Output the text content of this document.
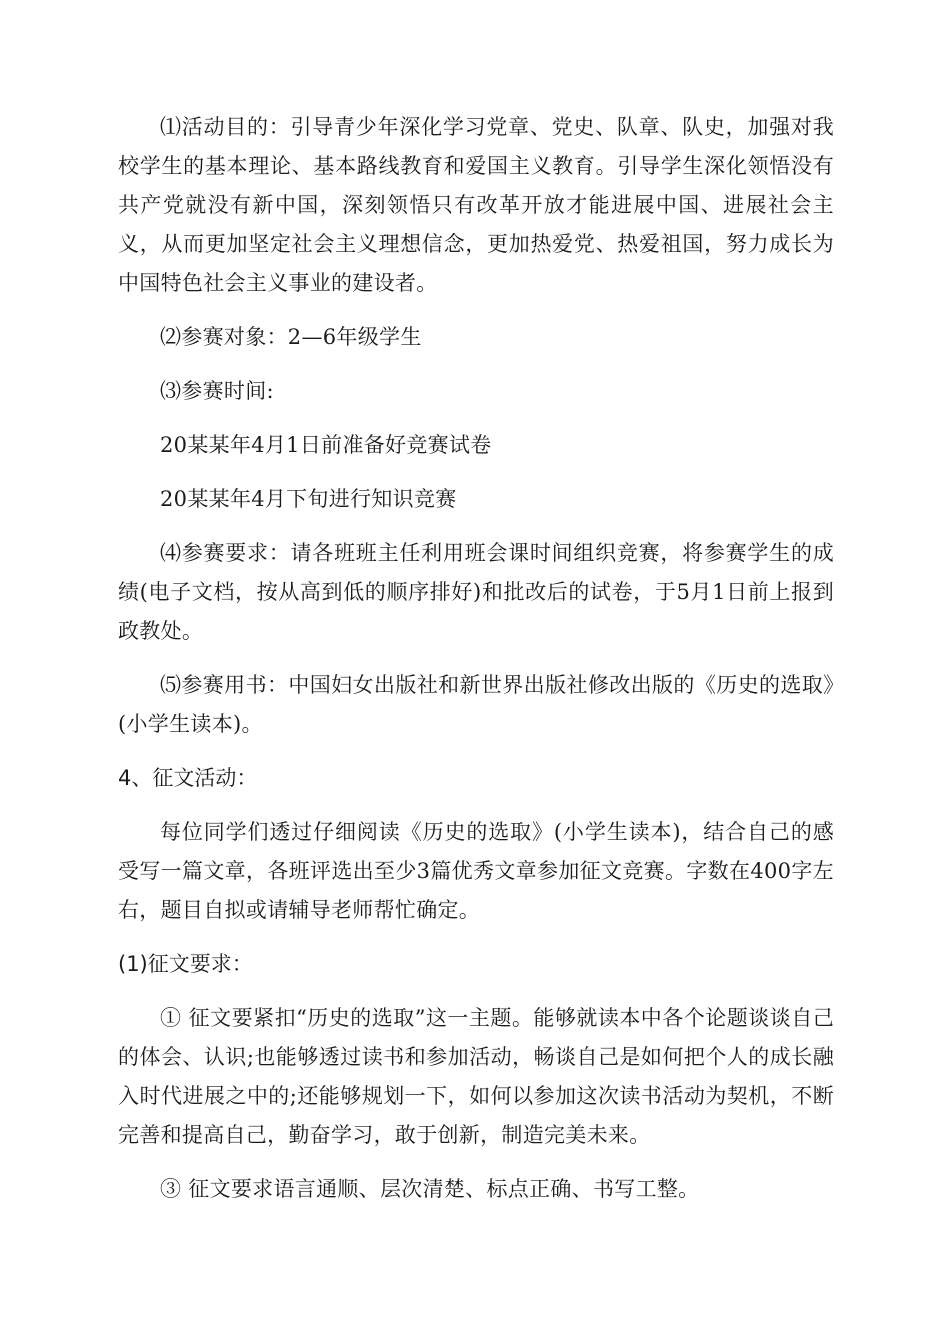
⑴活动目的：引导青少年深化学习党章、党史、队章、队史，加强对我校学生的基本理论、基本路线教育和爱国主义教育。引导学生深化领悟没有共产党就没有新中国，深刻领悟只有改革开放才能进展中国、进展社会主义，从而更加坚定社会主义理想信念，更加热爱党、热爱祖国，努力成长为中国特色社会主义事业的建设者。

⑵参赛对象：2—6年级学生

⑶参赛时间:

20某某年4月1日前准备好竞赛试卷

20某某年4月下旬进行知识竞赛

⑷参赛要求：请各班班主任利用班会课时间组织竞赛，将参赛学生的成绩(电子文档，按从高到低的顺序排好)和批改后的试卷，于5月1日前上报到政教处。

⑸参赛用书：中国妇女出版社和新世界出版社修改出版的《历史的选取》(小学生读本)。

4、征文活动：

每位同学们透过仔细阅读《历史的选取》(小学生读本)，结合自己的感受写一篇文章，各班评选出至少3篇优秀文章参加征文竞赛。字数在400字左右，题目自拟或请辅导老师帮忙确定。

(1)征文要求：

① 征文要紧扣“历史的选取”这一主题。能够就读本中各个论题谈谈自己的体会、认识;也能够透过读书和参加活动，畅谈自己是如何把个人的成长融入时代进展之中的;还能够规划一下，如何以参加这次读书活动为契机，不断完善和提高自己，勤奋学习，敢于创新，制造完美未来。

③ 征文要求语言通顺、层次清楚、标点正确、书写工整。
